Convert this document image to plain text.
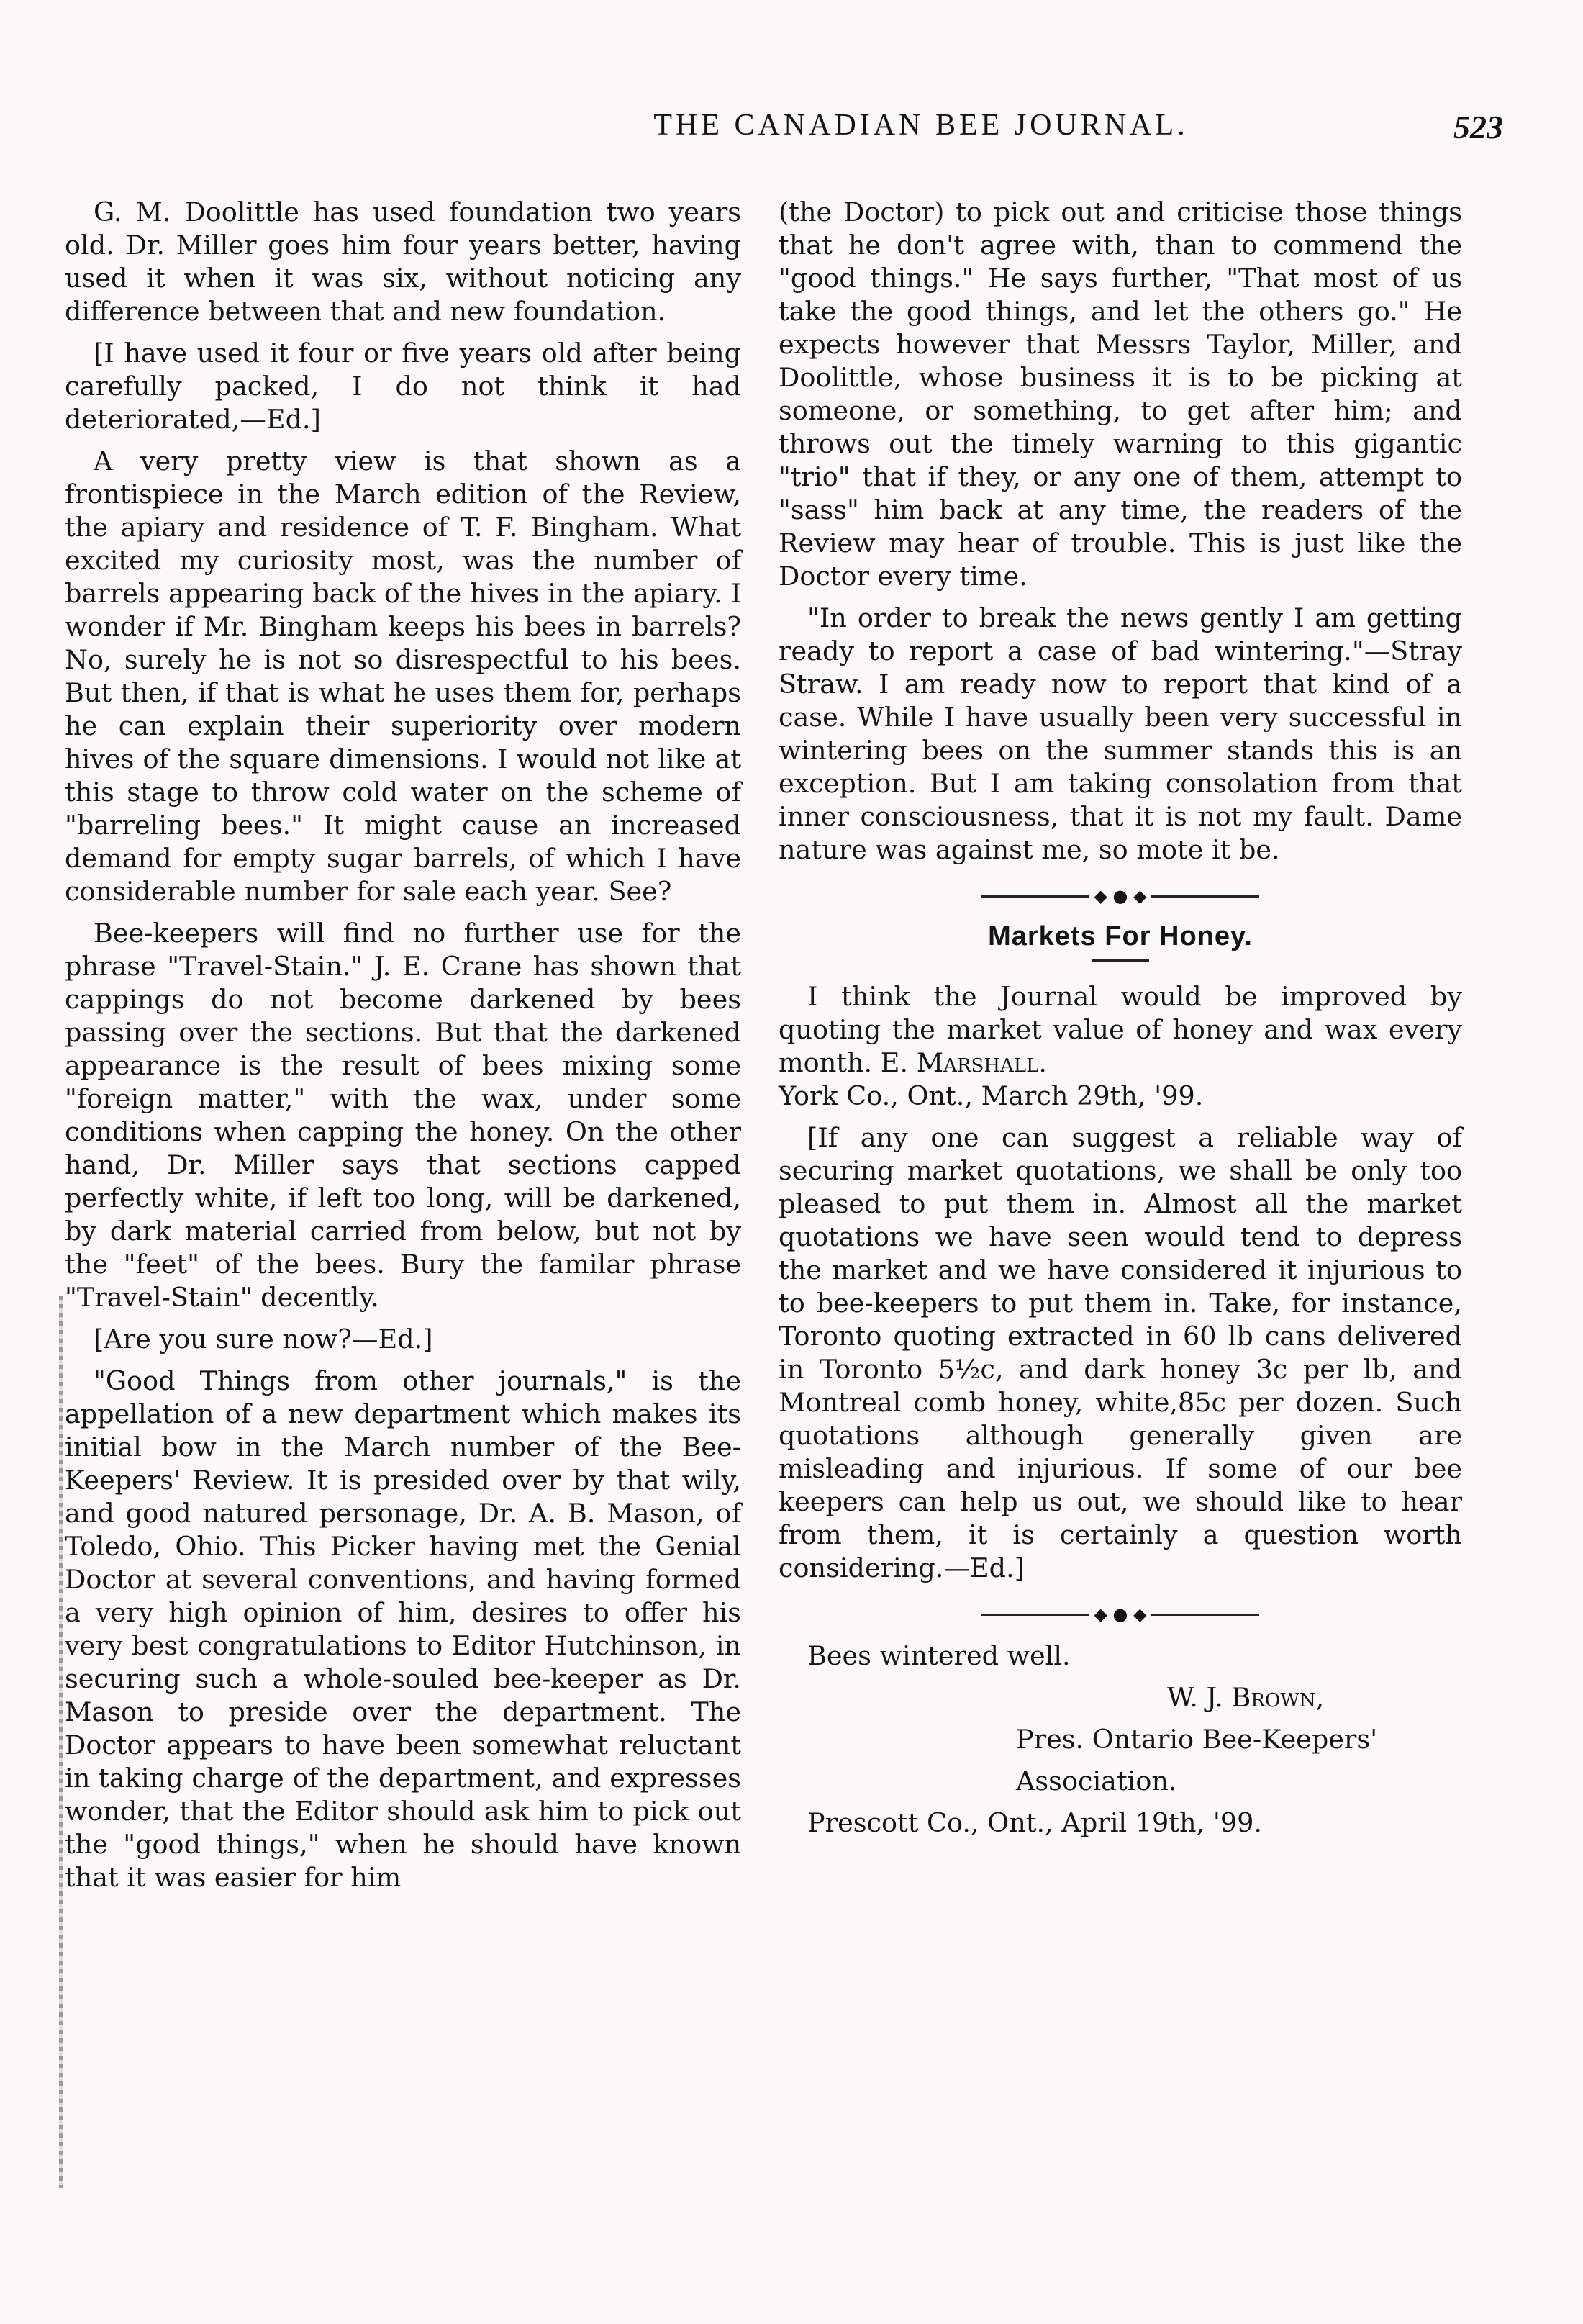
THE CANADIAN BEE JOURNAL.	523

G. M. Doolittle has used foundation two years old. Dr. Miller goes him four years better, having used it when it was six, without noticing any difference between that and new foundation.

[I have used it four or five years old after being carefully packed, I do not think it had deteriorated,—Ed.]

A very pretty view is that shown as a frontispiece in the March edition of the Review, the apiary and residence of T. F. Bingham. What excited my curiosity most, was the number of barrels appearing back of the hives in the apiary. I wonder if Mr. Bingham keeps his bees in barrels? No, surely he is not so disrespectful to his bees. But then, if that is what he uses them for, perhaps he can explain their superiority over modern hives of the square dimensions. I would not like at this stage to throw cold water on the scheme of "barreling bees." It might cause an increased demand for empty sugar barrels, of which I have considerable number for sale each year. See?

Bee-keepers will find no further use for the phrase "Travel-Stain." J. E. Crane has shown that cappings do not become darkened by bees passing over the sections. But that the darkened appearance is the result of bees mixing some "foreign matter," with the wax, under some conditions when capping the honey. On the other hand, Dr. Miller says that sections capped perfectly white, if left too long, will be darkened, by dark material carried from below, but not by the "feet" of the bees. Bury the familar phrase "Travel-Stain" decently.

[Are you sure now?—Ed.]

"Good Things from other journals," is the appellation of a new department which makes its initial bow in the March number of the Bee-Keepers' Review. It is presided over by that wily, and good natured personage, Dr. A. B. Mason, of Toledo, Ohio. This Picker having met the Genial Doctor at several conventions, and having formed a very high opinion of him, desires to offer his very best congratulations to Editor Hutchinson, in securing such a whole-souled bee-keeper as Dr. Mason to preside over the department. The Doctor appears to have been somewhat reluctant in taking charge of the department, and expresses wonder, that the Editor should ask him to pick out the "good things," when he should have known that it was easier for him

(the Doctor) to pick out and criticise those things that he don't agree with, than to commend the "good things." He says further, "That most of us take the good things, and let the others go." He expects however that Messrs Taylor, Miller, and Doolittle, whose business it is to be picking at someone, or something, to get after him; and throws out the timely warning to this gigantic "trio" that if they, or any one of them, attempt to "sass" him back at any time, the readers of the Review may hear of trouble. This is just like the Doctor every time.

"In order to break the news gently I am getting ready to report a case of bad wintering."—Stray Straw. I am ready now to report that kind of a case. While I have usually been very successful in wintering bees on the summer stands this is an exception. But I am taking consolation from that inner consciousness, that it is not my fault. Dame nature was against me, so mote it be.

◆ ● ◆
Markets For Honey.

I think the Journal would be improved by quoting the market value of honey and wax every month. E. Marshall.
York Co., Ont., March 29th, '99.

[If any one can suggest a reliable way of securing market quotations, we shall be only too pleased to put them in. Almost all the market quotations we have seen would tend to depress the market and we have considered it injurious to to bee-keepers to put them in. Take, for instance, Toronto quoting extracted in 60 lb cans delivered in Toronto 5½c, and dark honey 3c per lb, and Montreal comb honey, white,85c per dozen. Such quotations although generally given are misleading and injurious. If some of our bee keepers can help us out, we should like to hear from them, it is certainly a question worth considering.—Ed.]

◆ ● ◆

Bees wintered well.

W. J. Brown,

Pres. Ontario Bee-Keepers'

Association.

Prescott Co., Ont., April 19th, '99.
